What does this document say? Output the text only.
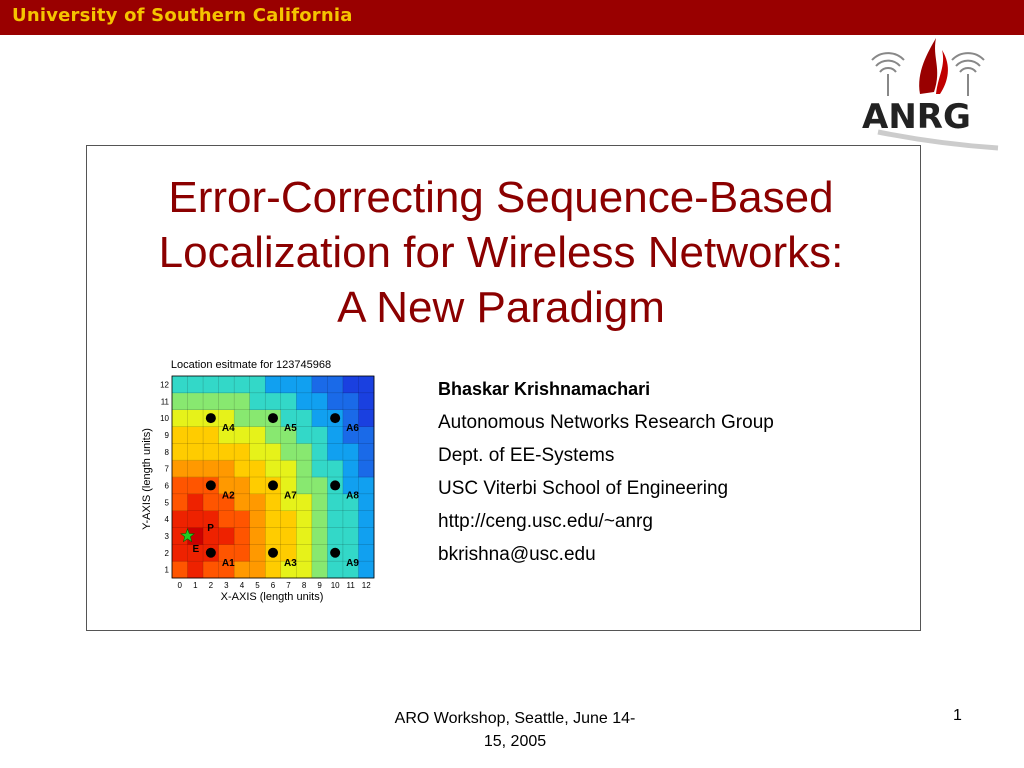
University of Southern California
ANRG
Error-Correcting Sequence-Based
Localization for Wireless Networks:
A New Paradigm
Location esitmate for 123745968
0 1 2 3 4 5 6 7 8 9 10 11 12
1
2
3
4
5
6
7
8
9
10
11
12
A1
A2
A3
A4	A5	A6
A7	A8
A9
P
E
X-AXIS (length units)
Y-AXIS (length units)
Bhaskar Krishnamachari
Autonomous Networks Research Group
Dept. of EE-Systems
USC Viterbi School of Engineering
http://ceng.usc.edu/~anrg
bkrishna@usc.edu
ARO Workshop, Seattle, June 14-
15, 2005
1
